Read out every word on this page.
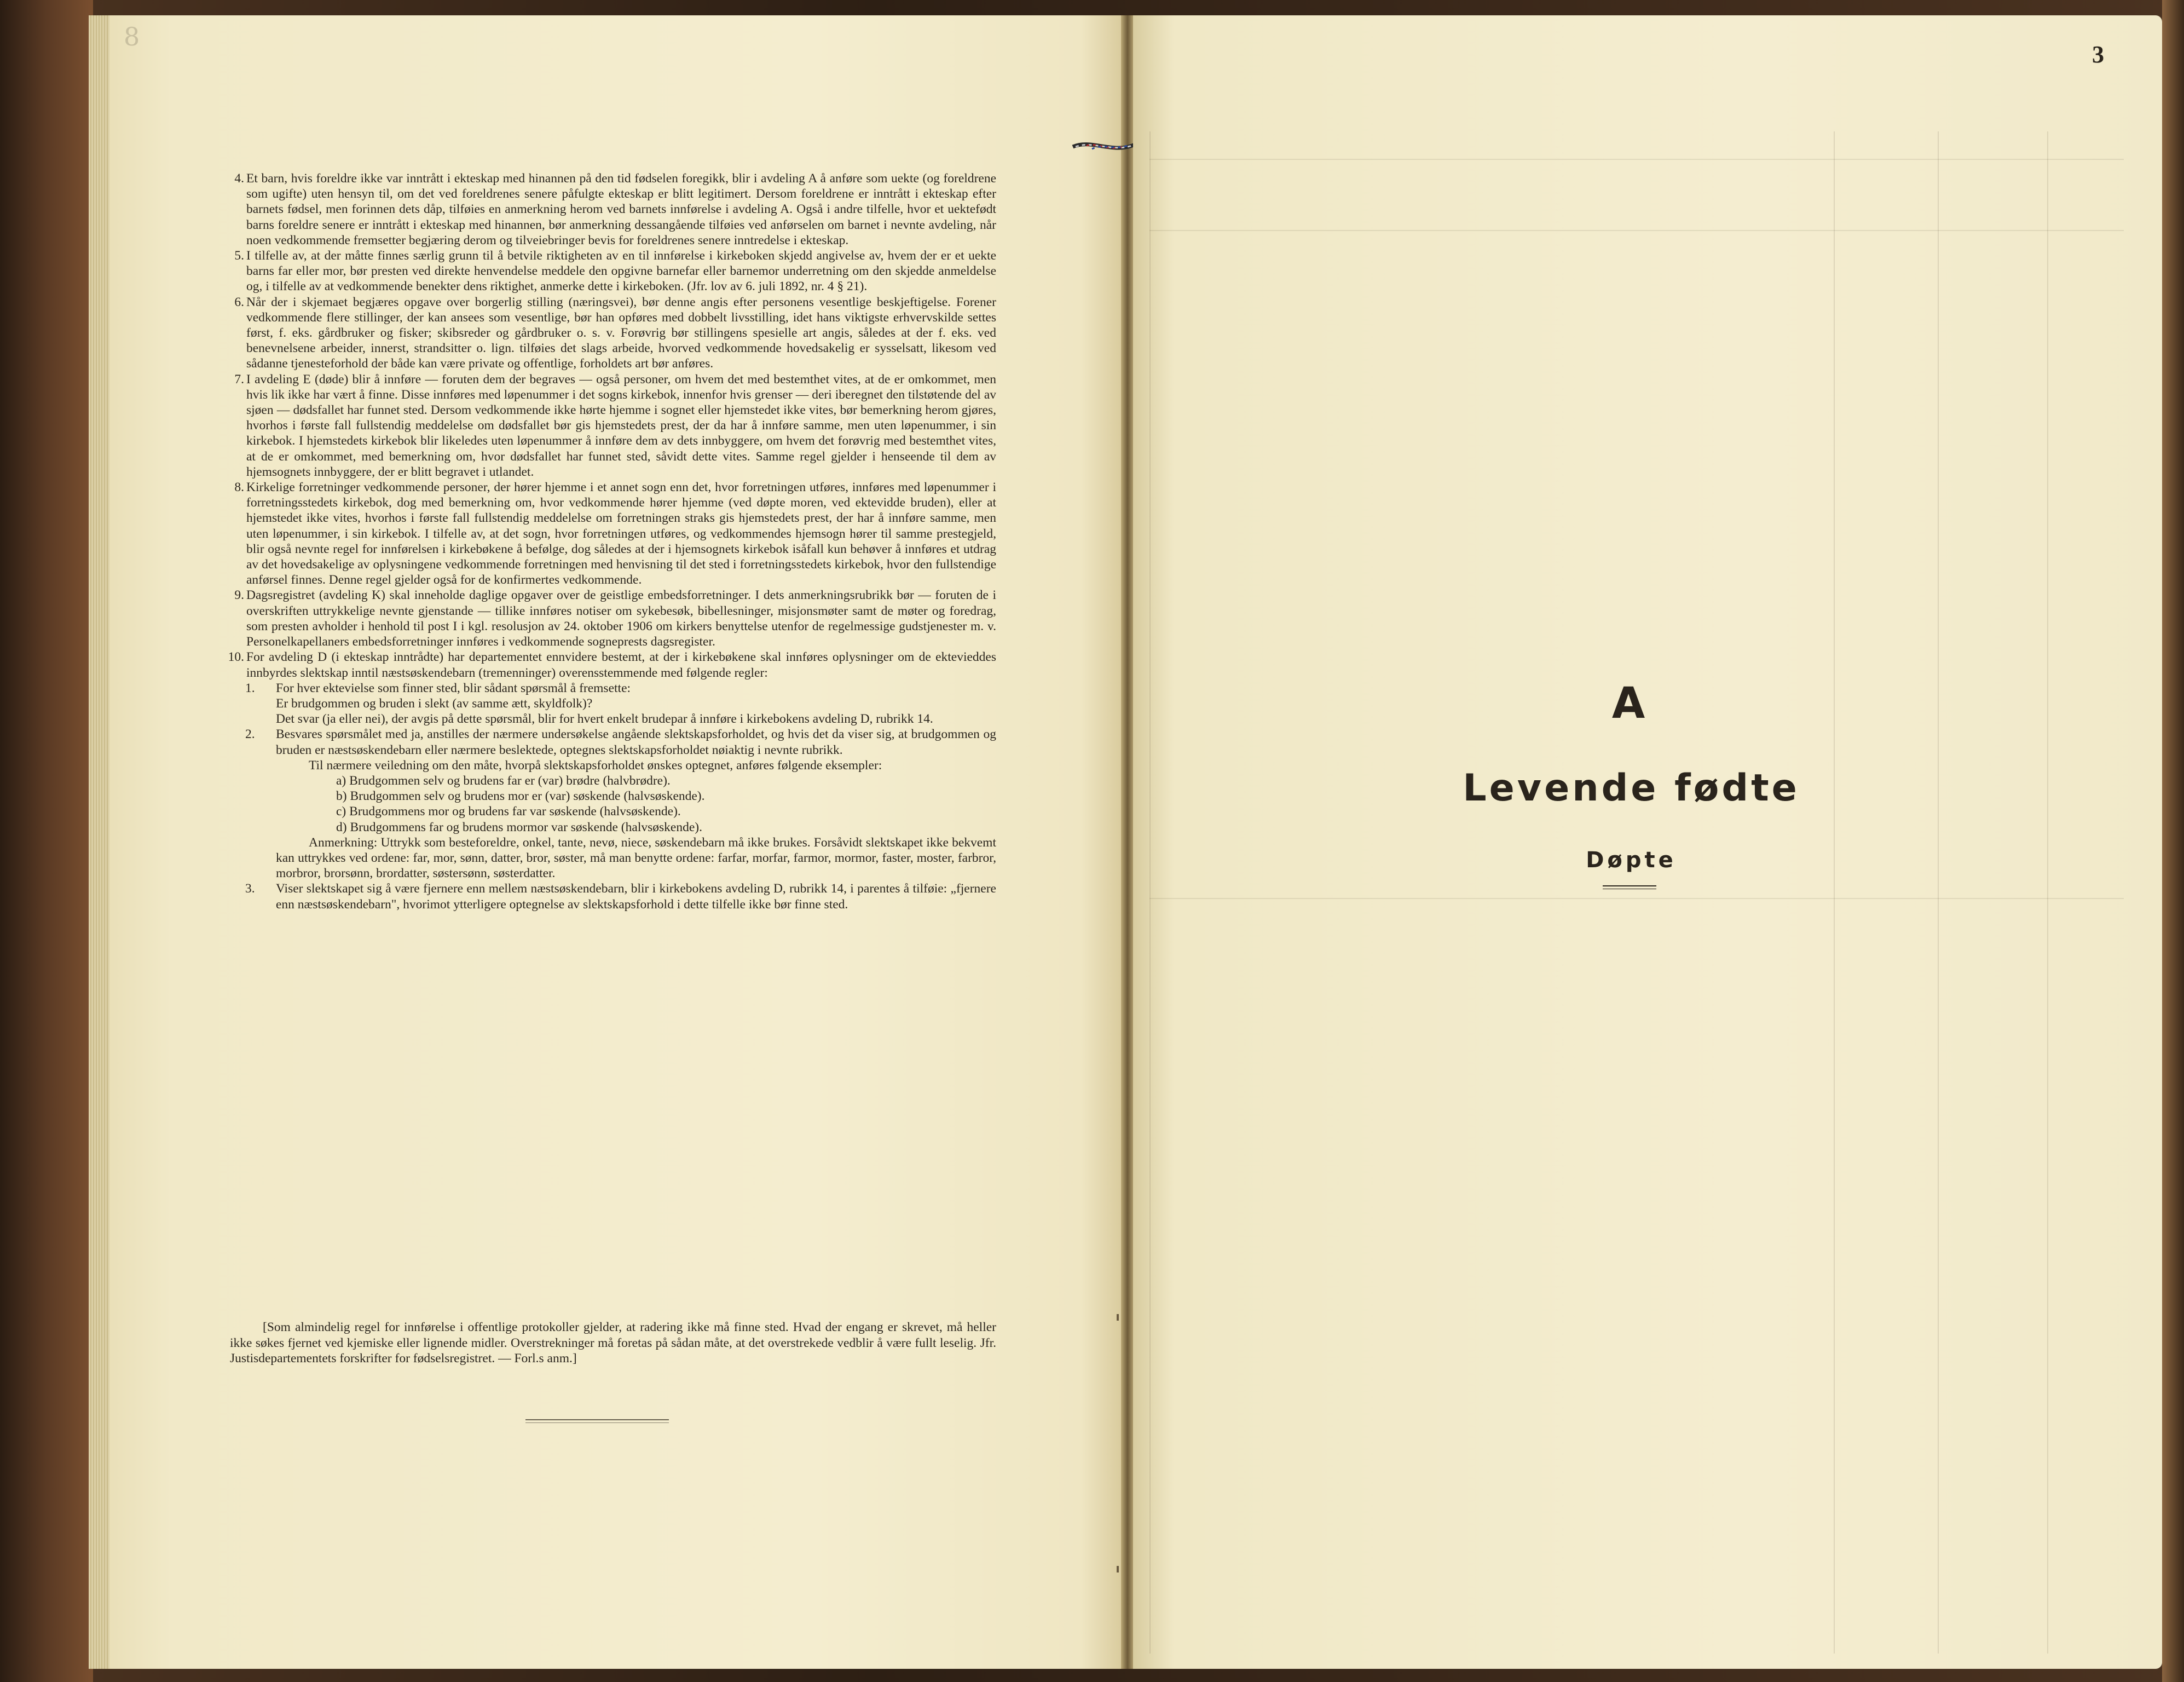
8
4. Et barn, hvis foreldre ikke var inntrått i ekteskap med hinannen på den tid fødselen foregikk, blir i avdeling A å anføre som uekte (og foreldrene som ugifte) uten hensyn til, om det ved foreldrenes senere påfulgte ekteskap er blitt legitimert. Dersom foreldrene er inntrått i ekteskap efter barnets fødsel, men forinnen dets dåp, tilføies en anmerkning herom ved barnets innførelse i avdeling A. Også i andre tilfelle, hvor et uektefødt barns foreldre senere er inntrått i ekteskap med hinannen, bør anmerkning dessangående tilføies ved anførselen om barnet i nevnte avdeling, når noen vedkommende fremsetter begjæring derom og tilveiebringer bevis for foreldrenes senere inntredelse i ekteskap.
5. I tilfelle av, at der måtte finnes særlig grunn til å betvile riktigheten av en til innførelse i kirkeboken skjedd angivelse av, hvem der er et uekte barns far eller mor, bør presten ved direkte henvendelse meddele den opgivne barnefar eller barnemor underretning om den skjedde anmeldelse og, i tilfelle av at vedkommende benekter dens riktighet, anmerke dette i kirkeboken. (Jfr. lov av 6. juli 1892, nr. 4 § 21).
6. Når der i skjemaet begjæres opgave over borgerlig stilling (næringsvei), bør denne angis efter personens vesentlige beskjeftigelse. Forener vedkommende flere stillinger, der kan ansees som vesentlige, bør han opføres med dobbelt livsstilling, idet hans viktigste erhvervskilde settes først, f. eks. gårdbruker og fisker; skibsreder og gårdbruker o. s. v. Forøvrig bør stillingens spesielle art angis, således at der f. eks. ved benevnelsene arbeider, innerst, strandsitter o. lign. tilføies det slags arbeide, hvorved vedkommende hovedsakelig er sysselsatt, likesom ved sådanne tjenesteforhold der både kan være private og offentlige, forholdets art bør anføres.
7. I avdeling E (døde) blir å innføre — foruten dem der begraves — også personer, om hvem det med bestemthet vites, at de er omkommet, men hvis lik ikke har vært å finne. Disse innføres med løpenummer i det sogns kirkebok, innenfor hvis grenser — deri iberegnet den tilstøtende del av sjøen — dødsfallet har funnet sted. Dersom vedkommende ikke hørte hjemme i sognet eller hjemstedet ikke vites, bør bemerkning herom gjøres, hvorhos i første fall fullstendig meddelelse om dødsfallet bør gis hjemstedets prest, der da har å innføre samme, men uten løpenummer, i sin kirkebok. I hjemstedets kirkebok blir likeledes uten løpenummer å innføre dem av dets innbyggere, om hvem det forøvrig med bestemthet vites, at de er omkommet, med bemerkning om, hvor dødsfallet har funnet sted, såvidt dette vites. Samme regel gjelder i henseende til dem av hjemsognets innbyggere, der er blitt begravet i utlandet.
8. Kirkelige forretninger vedkommende personer, der hører hjemme i et annet sogn enn det, hvor forretningen utføres, innføres med løpenummer i forretningsstedets kirkebok, dog med bemerkning om, hvor vedkommende hører hjemme (ved døpte moren, ved ektevidde bruden), eller at hjemstedet ikke vites, hvorhos i første fall fullstendig meddelelse om forretningen straks gis hjemstedets prest, der har å innføre samme, men uten løpenummer, i sin kirkebok. I tilfelle av, at det sogn, hvor forretningen utføres, og vedkommendes hjemsogn hører til samme prestegjeld, blir også nevnte regel for innførelsen i kirkebøkene å befølge, dog således at der i hjemsognets kirkebok isåfall kun behøver å innføres et utdrag av det hovedsakelige av oplysningene vedkommende forretningen med henvisning til det sted i forretningsstedets kirkebok, hvor den fullstendige anførsel finnes. Denne regel gjelder også for de konfirmertes vedkommende.
9. Dagsregistret (avdeling K) skal inneholde daglige opgaver over de geistlige embedsforretninger. I dets anmerkningsrubrikk bør — foruten de i overskriften uttrykkelige nevnte gjenstande — tillike innføres notiser om sykebesøk, bibellesninger, misjonsmøter samt de møter og foredrag, som presten avholder i henhold til post I i kgl. resolusjon av 24. oktober 1906 om kirkers benyttelse utenfor de regelmessige gudstjenester m. v. Personelkapellaners embedsforretninger innføres i vedkommende sogneprests dagsregister.
10. For avdeling D (i ekteskap inntrådte) har departementet ennvidere bestemt, at der i kirkebøkene skal innføres oplysninger om de ektevieddes innbyrdes slektskap inntil næstsøskendebarn (tremenninger) overensstemmende med følgende regler:
1. For hver ektevielse som finner sted, blir sådant spørsmål å fremsette:
Er brudgommen og bruden i slekt (av samme ætt, skyldfolk)?
Det svar (ja eller nei), der avgis på dette spørsmål, blir for hvert enkelt brudepar å innføre i kirkebokens avdeling D, rubrikk 14.
2. Besvares spørsmålet med ja, anstilles der nærmere undersøkelse angående slektskapsforholdet, og hvis det da viser sig, at brudgommen og bruden er næstsøskendebarn eller nærmere beslektede, optegnes slektskapsforholdet nøiaktig i nevnte rubrikk.
Til nærmere veiledning om den måte, hvorpå slektskapsforholdet ønskes optegnet, anføres følgende eksempler:
a) Brudgommen selv og brudens far er (var) brødre (halvbrødre).
b) Brudgommen selv og brudens mor er (var) søskende (halvsøskende).
c) Brudgommens mor og brudens far var søskende (halvsøskende).
d) Brudgommens far og brudens mormor var søskende (halvsøskende).
Anmerkning: Uttrykk som besteforeldre, onkel, tante, nevø, niece, søskendebarn må ikke brukes. Forsåvidt slektskapet ikke bekvemt kan uttrykkes ved ordene: far, mor, sønn, datter, bror, søster, må man benytte ordene: farfar, morfar, farmor, mormor, faster, moster, farbror, morbror, brorsønn, brordatter, søstersønn, søsterdatter.
3. Viser slektskapet sig å være fjernere enn mellem næstsøskendebarn, blir i kirkebokens avdeling D, rubrikk 14, i parentes å tilføie: „fjernere enn næstsøskendebarn", hvorimot ytterligere optegnelse av slektskapsforhold i dette tilfelle ikke bør finne sted.
[Som almindelig regel for innførelse i offentlige protokoller gjelder, at radering ikke må finne sted. Hvad der engang er skrevet, må heller ikke søkes fjernet ved kjemiske eller lignende midler. Overstrekninger må foretas på sådan måte, at det overstrekede vedblir å være fullt leselig. Jfr. Justisdepartementets forskrifter for fødselsregistret. — Forl.s anm.]
3
A
Levende fødte
Døpte
